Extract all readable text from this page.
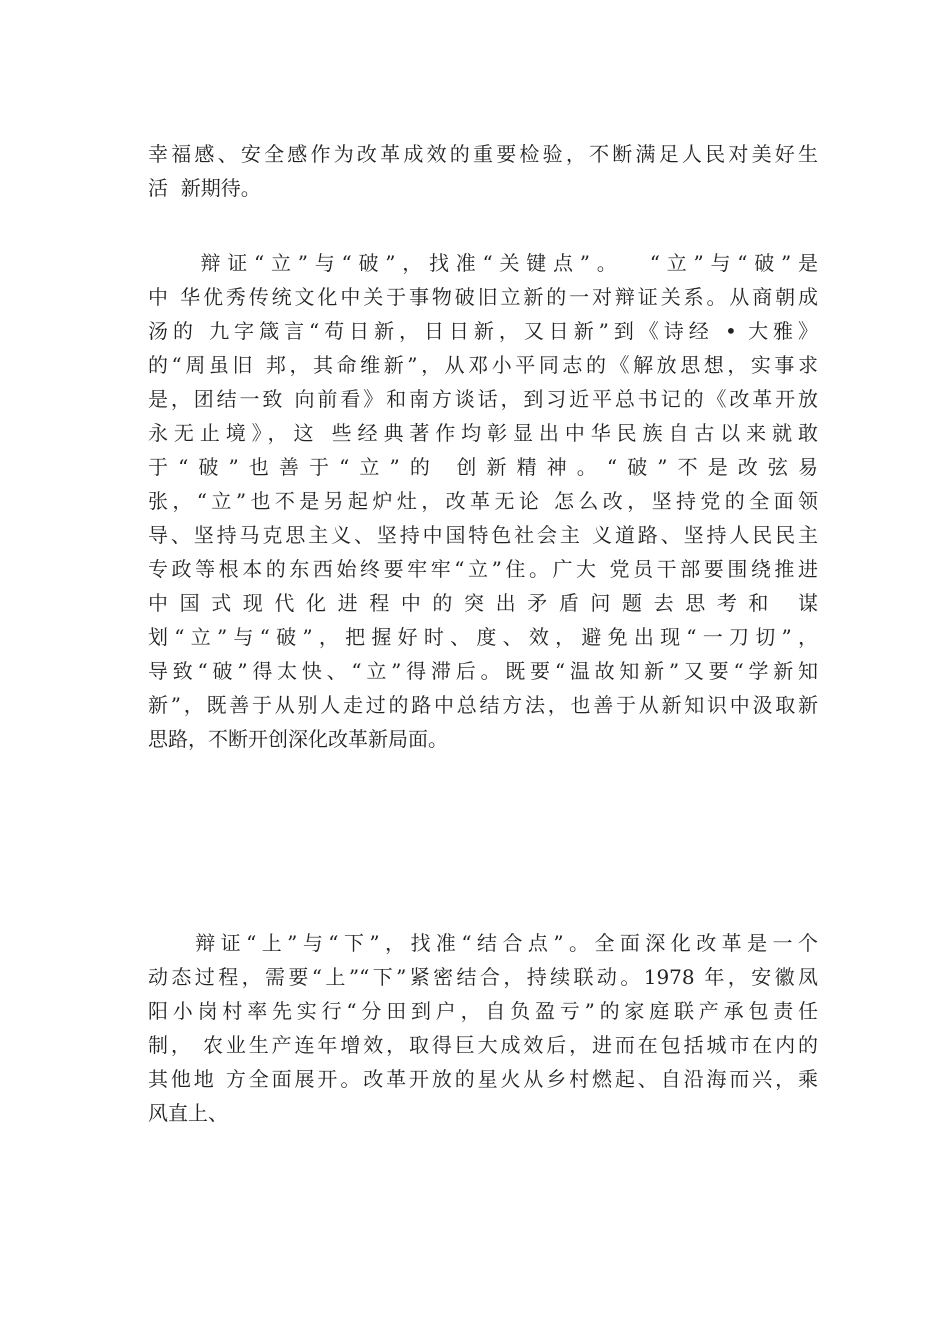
幸福感、安全感作为改革成效的重要检验，不断满足人民对美好生
活  新期待。
辩证“立”与“破”，找准“关键点”。  “立”与“破”是
中 华优秀传统文化中关于事物破旧立新的一对辩证关系。从商朝成
汤的 九字箴言“苟日新，日日新，又日新”到《诗经 • 大雅》
的“周虽旧 邦，其命维新”，从邓小平同志的《解放思想，实事求
是，团结一致 向前看》和南方谈话，到习近平总书记的《改革开放
永无止境》，这 些经典著作均彰显出中华民族自古以来就敢
于“破”也善于“立”的 创新精神。“破”不是改弦易
张，“立”也不是另起炉灶，改革无论 怎么改，坚持党的全面领
导、坚持马克思主义、坚持中国特色社会主 义道路、坚持人民民主
专政等根本的东西始终要牢牢“立”住。广大 党员干部要围绕推进
中国式现代化进程中的突出矛盾问题去思考和 谋
划“立”与“破”，把握好时、度、效，避免出现“一刀切”，
导致“破”得太快、“立”得滞后。既要“温故知新”又要“学新知
新”，既善于从别人走过的路中总结方法，也善于从新知识中汲取新
思路，不断开创深化改革新局面。
辩证“上”与“下”，找准“结合点”。全面深化改革是一个
动态过程，需要“上”“下”紧密结合，持续联动。1978 年，安徽凤
阳小岗村率先实行“分田到户，自负盈亏”的家庭联产承包责任
制， 农业生产连年增效，取得巨大成效后，进而在包括城市在内的
其他地 方全面展开。改革开放的星火从乡村燃起、自沿海而兴，乘
风直上、
